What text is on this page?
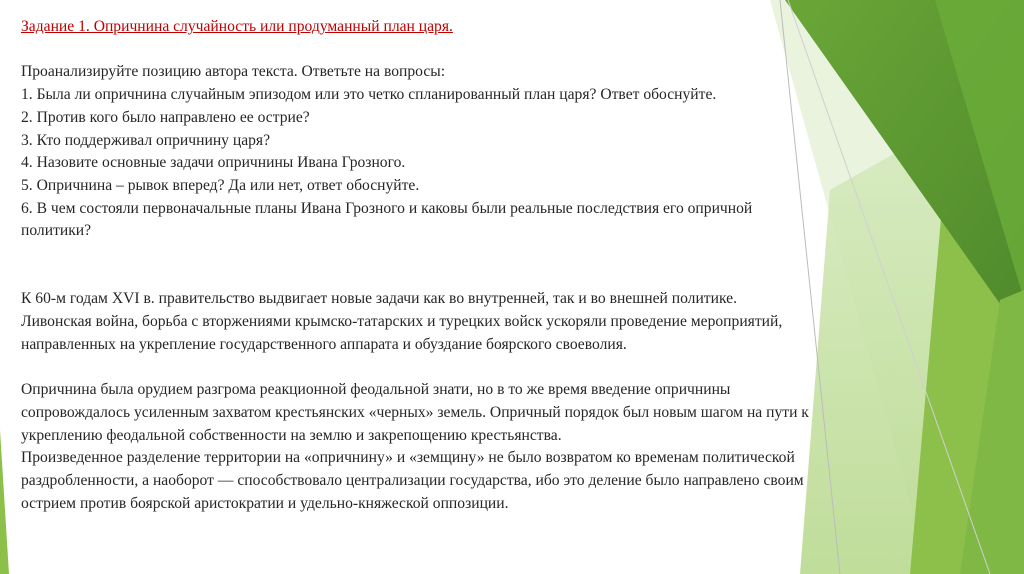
Задание 1. Опричнина случайность или продуманный план царя.
Проанализируйте позицию автора текста. Ответьте на вопросы:
1. Была ли опричнина случайным эпизодом или это четко спланированный план царя? Ответ обоснуйте.
2. Против кого было направлено ее острие?
3. Кто поддерживал опричнину царя?
4. Назовите основные задачи опричнины Ивана Грозного.
5. Опричнина – рывок вперед? Да или нет, ответ обоснуйте.
6. В чем состояли первоначальные планы Ивана Грозного и каковы были реальные последствия его опричной
политики?
К 60-м годам XVI в. правительство выдвигает новые задачи как во внутренней, так и во внешней политике.
Ливонская война, борьба с вторжениями крымско-татарских и турецких войск ускоряли проведение мероприятий,
направленных на укрепление государственного аппарата и обуздание боярского своеволия.
Опричнина была орудием разгрома реакционной феодальной знати, но в то же время введение опричнины
сопровождалось усиленным захватом крестьянских «черных» земель. Опричный порядок был новым шагом на пути к
укреплению феодальной собственности на землю и закрепощению крестьянства.
Произведенное разделение территории на «опричнину» и «земщину» не было возвратом ко временам политической
раздробленности, а наоборот — способствовало централизации государства, ибо это деление было направлено своим
острием против боярской аристократии и удельно-княжеской оппозиции.
